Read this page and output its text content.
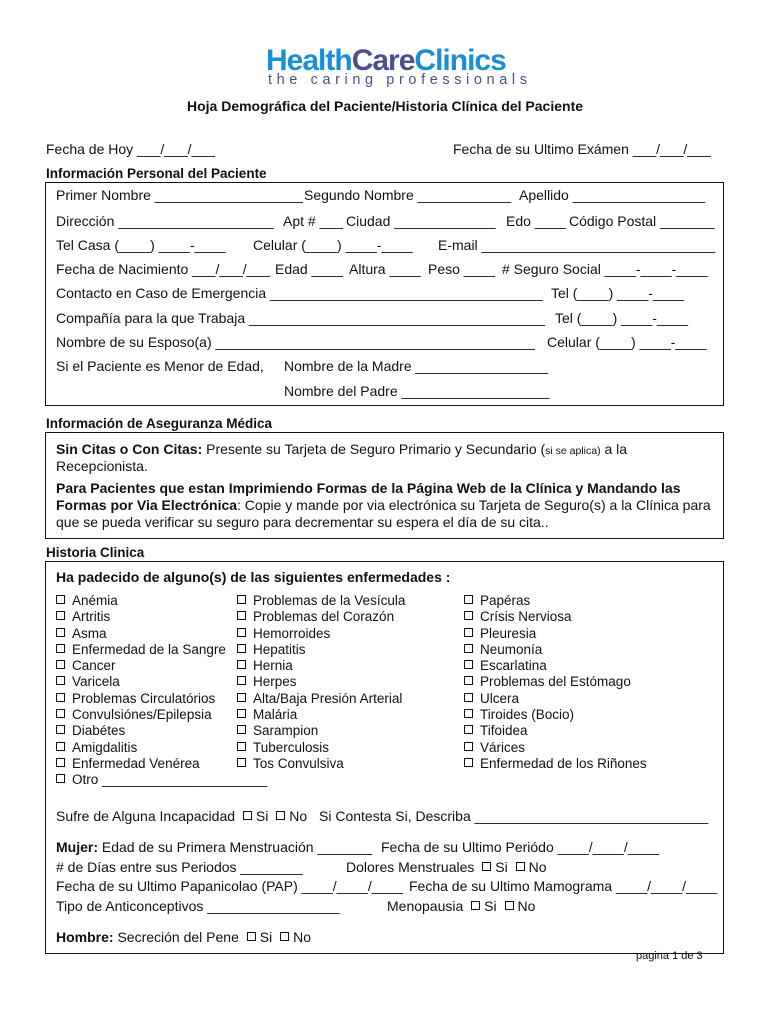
HealthCareClinics
the caring professionals
Hoja Demográfica del Paciente/Historia Clínica del Paciente
Fecha de Hoy ___/___/___	Fecha de su Ultimo Exámen ___/___/___
Información Personal del Paciente
Primer Nombre ___________________ Segundo Nombre ____________ Apellido _________________
Dirección ____________________ Apt # ___ Ciudad _____________ Edo ____ Código Postal _______
Tel Casa (____) ____-____ Celular (____) ____-____ E-mail ______________________________
Fecha de Nacimiento ___/___/___ Edad ____ Altura ____ Peso ____ # Seguro Social ____-____-____
Contacto en Caso de Emergencia ___________________________________ Tel (____) ____-____
Compañía para la que Trabaja ______________________________________ Tel (____) ____-____
Nombre de su Esposo(a) _________________________________________ Celular (____) ____-____
Si el Paciente es Menor de Edad, Nombre de la Madre _________________
Nombre del Padre ___________________
Información de Aseguranza Médica
Sin Citas o Con Citas: Presente su Tarjeta de Seguro Primario y Secundario (si se aplica) a la
Recepcionista.
Para Pacientes que estan Imprimiendo Formas de la Página Web de la Clínica y Mandando las
Formas por Via Electrónica: Copie y mande por via electrónica su Tarjeta de Seguro(s) a la Clínica para
que se pueda verificar su seguro para decrementar su espera el día de su cita..
Historia Clinica
Ha padecido de alguno(s) de las siguientes enfermedades :
Anémia
Artritis
Asma
Enfermedad de la Sangre
Cancer
Varicela
Problemas Circulatórios
Convulsiónes/Epilepsia
Diabétes
Amigdalitis
Enfermedad Venérea
Otro ______________________
Problemas de la Vesícula
Problemas del Corazón
Hemorroides
Hepatitis
Hernia
Herpes
Alta/Baja Presión Arterial
Malária
Sarampion
Tuberculosis
Tos Convulsiva
Papéras
Crísis Nerviosa
Pleuresia
Neumonía
Escarlatina
Problemas del Estómago
Ulcera
Tiroides (Bocio)
Tifoidea
Várices
Enfermedad de los Riñones
Sufre de Alguna Incapacidad Si No Si Contesta Si, Describa ______________________________
Mujer: Edad de su Primera Menstruación _______ Fecha de su Ultimo Periódo ____/____/____
# de Días entre sus Periodos ________	Dolores Menstruales Si No
Fecha de su Ultimo Papanicolao (PAP) ____/____/____ Fecha de su Ultimo Mamograma ____/____/____
Tipo de Anticonceptivos _________________	Menopausia Si No
Hombre: Secreción del Pene Si No
pagina 1 de 3
